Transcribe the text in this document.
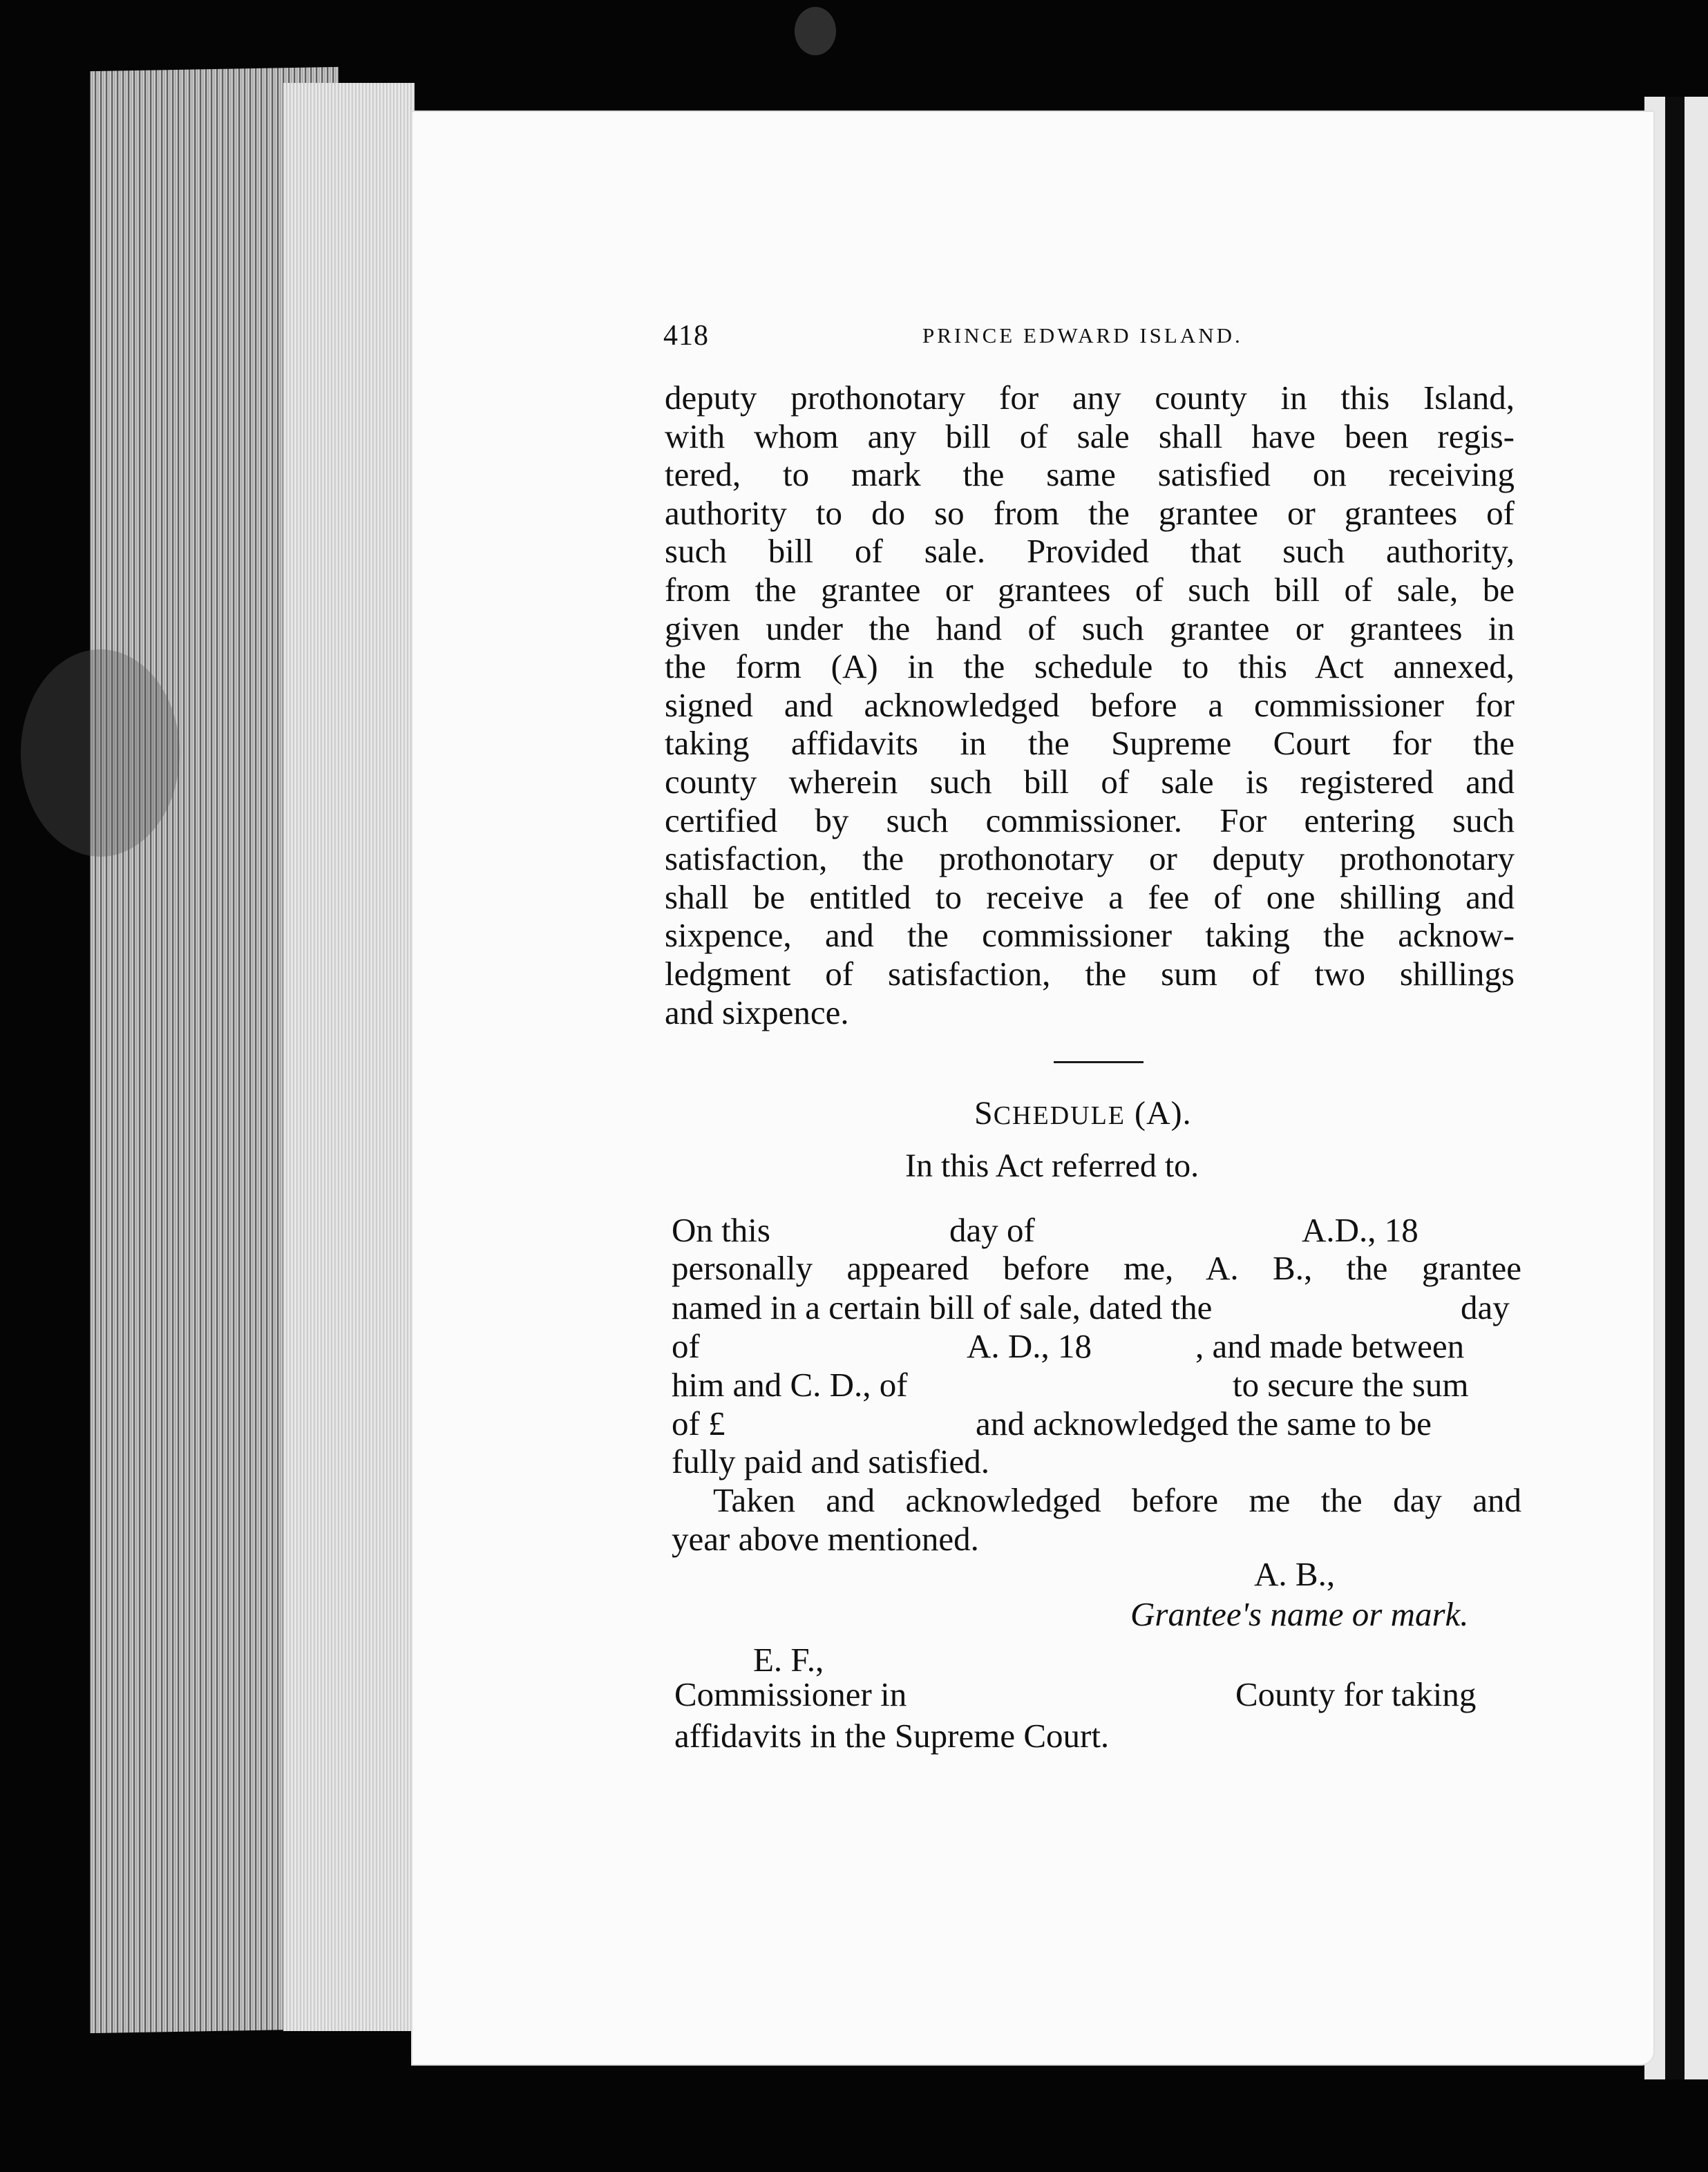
418	PRINCE EDWARD ISLAND.
deputy prothonotary for any county in this Island,
with whom any bill of sale shall have been regis-
tered, to mark the same satisfied on receiving
authority to do so from the grantee or grantees of
such bill of sale. Provided that such authority,
from the grantee or grantees of such bill of sale, be
given under the hand of such grantee or grantees in
the form (A) in the schedule to this Act annexed,
signed and acknowledged before a commissioner for
taking affidavits in the Supreme Court for the
county wherein such bill of sale is registered and
certified by such commissioner. For entering such
satisfaction, the prothonotary or deputy prothonotary
shall be entitled to receive a fee of one shilling and
sixpence, and the commissioner taking the acknow-
ledgment of satisfaction, the sum of two shillings
and sixpence.
SCHEDULE (A).
In this Act referred to.
On this	day of	A.D., 18
personally appeared before me, A. B., the grantee
named in a certain bill of sale, dated the	day
of	A. D., 18	, and made between
him and C. D., of	to secure the sum
of £	and acknowledged the same to be
fully paid and satisfied.
Taken and acknowledged before me the day and
year above mentioned.
A. B.,
Grantee's name or mark.
E. F.,
Commissioner in	County for taking
affidavits in the Supreme Court.
